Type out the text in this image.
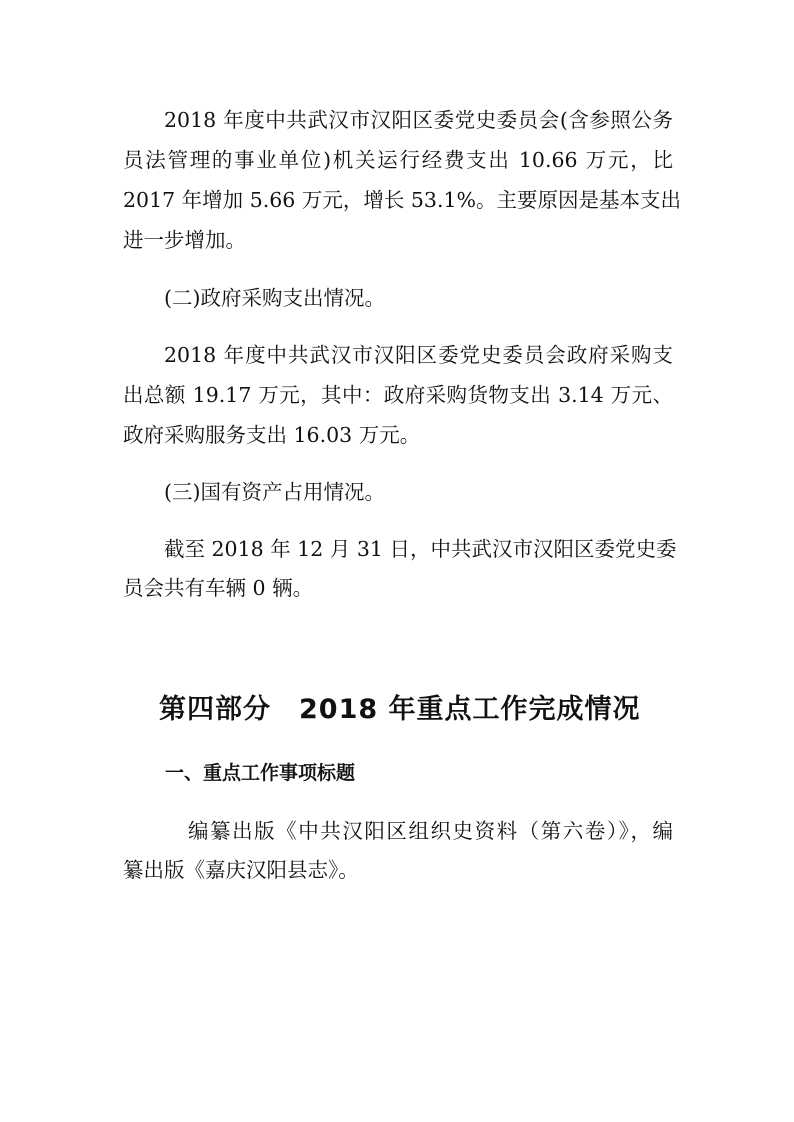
2018 年度中共武汉市汉阳区委党史委员会(含参照公务
员法管理的事业单位)机关运行经费支出 10.66 万元，比
2017 年增加 5.66 万元，增长 53.1%。主要原因是基本支出
进一步增加。
(二)政府采购支出情况。
2018 年度中共武汉市汉阳区委党史委员会政府采购支
出总额 19.17 万元，其中：政府采购货物支出 3.14 万元、
政府采购服务支出 16.03 万元。
(三)国有资产占用情况。
截至 2018 年 12 月 31 日，中共武汉市汉阳区委党史委
员会共有车辆 0 辆。
第四部分　2018 年重点工作完成情况
一、重点工作事项标题
编纂出版《中共汉阳区组织史资料（第六卷）》，编
纂出版《嘉庆汉阳县志》。
